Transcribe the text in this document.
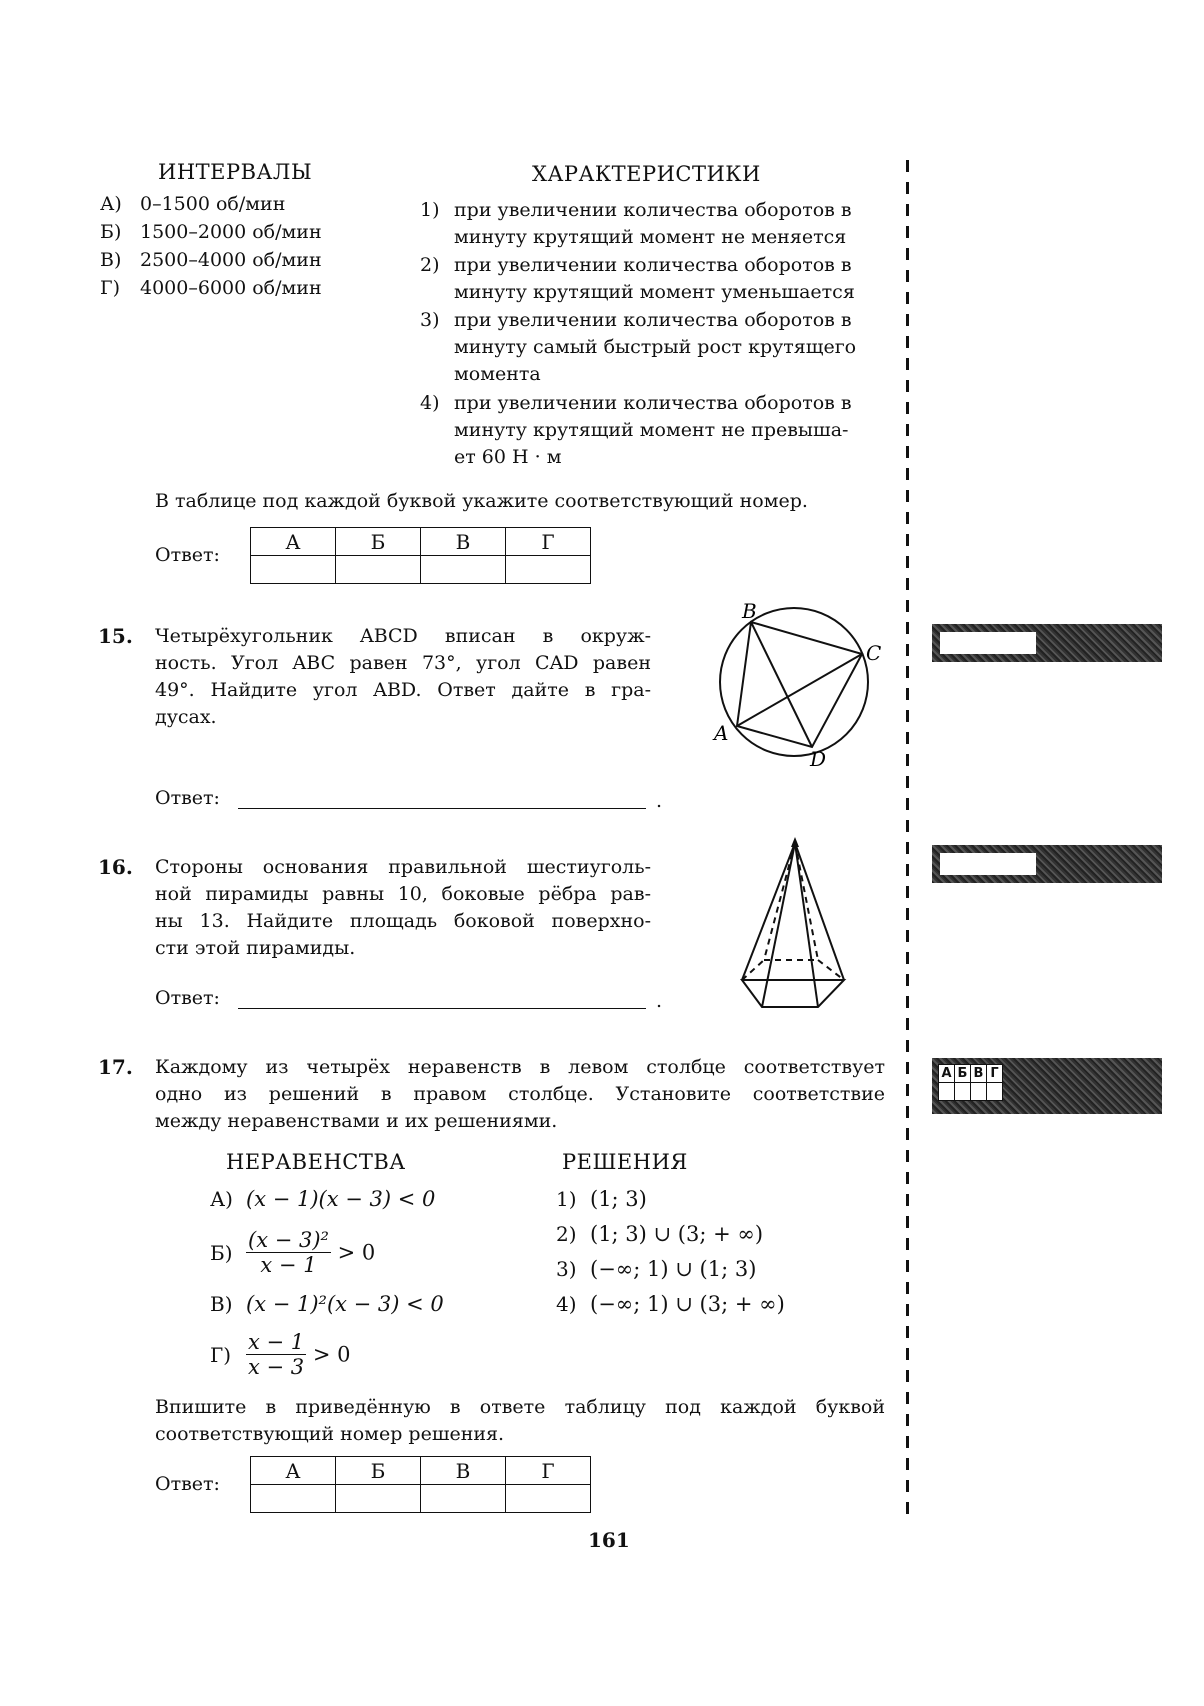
ИНТЕРВАЛЫ	ХАРАКТЕРИСТИКИ
А) 0–1500 об/мин
Б) 1500–2000 об/мин
В) 2500–4000 об/мин
Г) 4000–6000 об/мин
1) при увеличении количества оборотов в
минуту крутящий момент не меняется
2) при увеличении количества оборотов в
минуту крутящий момент уменьшается
3) при увеличении количества оборотов в
минуту самый быстрый рост крутящего
момента
4) при увеличении количества оборотов в
минуту крутящий момент не превыша-
ет 60 Н · м
В таблице под каждой буквой укажите соответствующий номер.
Ответ:
А	Б	В	Г

15. Четырёхугольник ABCD вписан в окруж-
ность. Угол ABC равен 73°, угол CAD равен
49°. Найдите угол ABD. Ответ дайте в гра-
дусах.
Ответ:	.
B
C
A
D
16. Стороны основания правильной шестиуголь-
ной пирамиды равны 10, боковые рёбра рав-
ны 13. Найдите площадь боковой поверхно-
сти этой пирамиды.
Ответ:	.
17. Каждому из четырёх неравенств в левом столбце соответствует
одно из решений в правом столбце. Установите соответствие
между неравенствами и их решениями.
НЕРАВЕНСТВА	РЕШЕНИЯ
А) (x − 1)(x − 3) < 0
$Б) \frac{\text{(x − 3)²}}{x - 1} > 0$
В) (x − 1)²(x − 3) < 0
$Г) \frac{x - 1}{x - 3} > 0$
1) (1; 3)
2) (1; 3) ∪ (3; + ∞)
3) (−∞; 1) ∪ (1; 3)
4) (−∞; 1) ∪ (3; + ∞)
Впишите в приведённую в ответе таблицу под каждой буквой
соответствующий номер решения.
Ответ:
А	Б	В	Г

А	Б	В	Г

161
